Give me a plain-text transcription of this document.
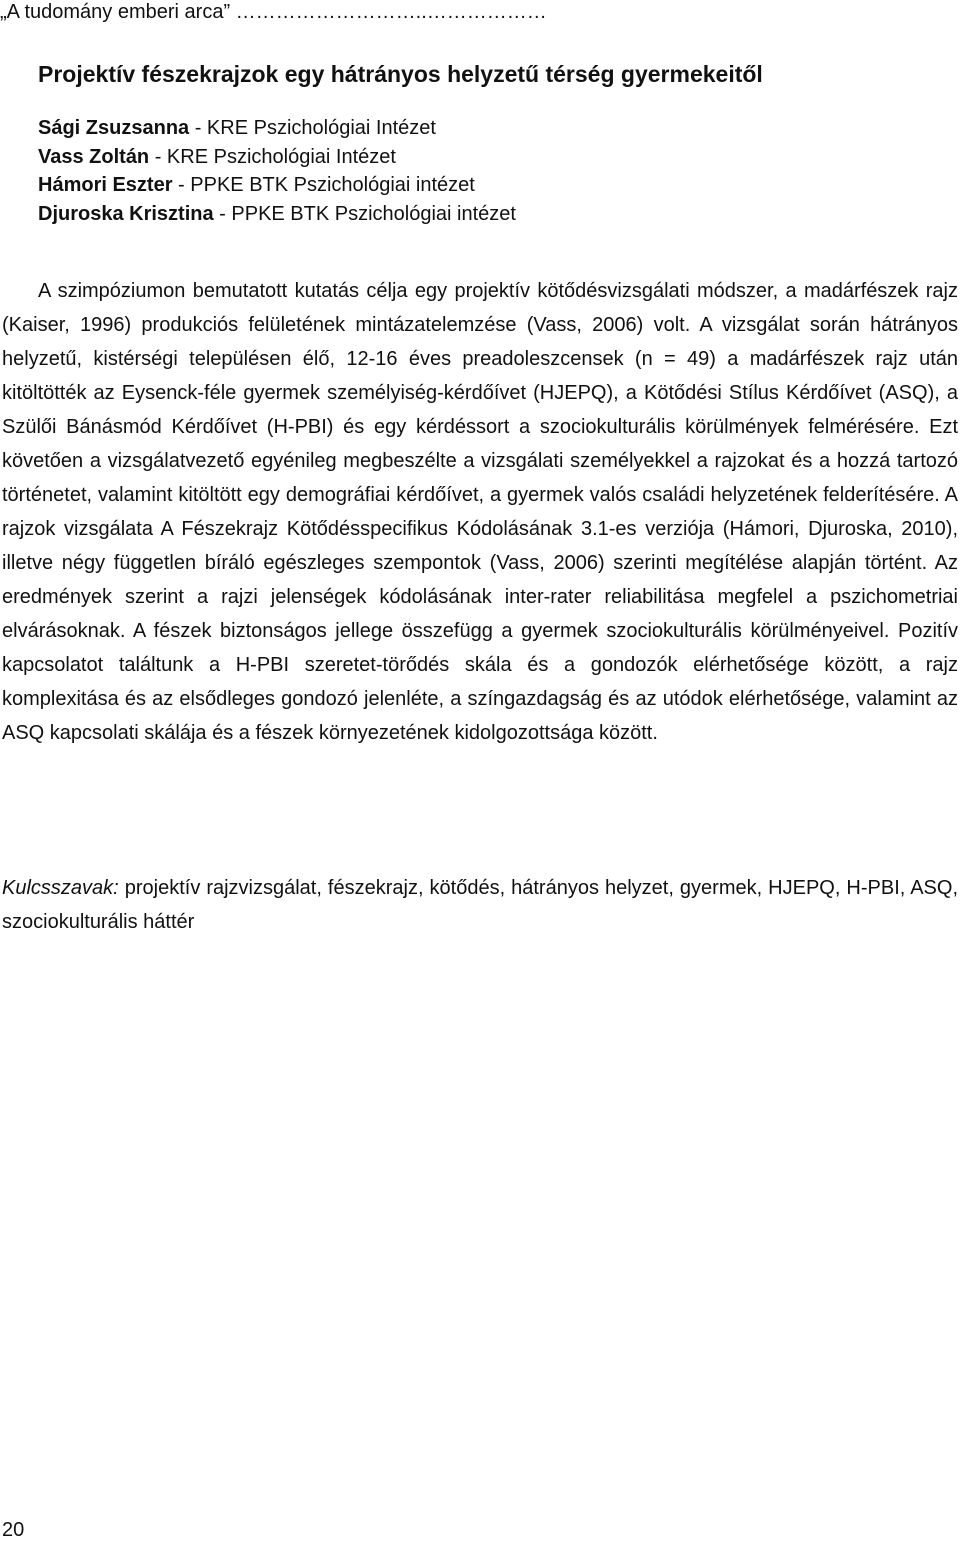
„A tudomány emberi arca” ………………………..………………
Projektív fészekrajzok egy hátrányos helyzetű térség gyermekeitől
Sági Zsuzsanna - KRE Pszichológiai Intézet
Vass Zoltán - KRE Pszichológiai Intézet
Hámori Eszter - PPKE BTK Pszichológiai intézet
Djuroska Krisztina - PPKE BTK Pszichológiai intézet

A szimpóziumon bemutatott kutatás célja egy projektív kötődésvizsgálati módszer, a madárfészek rajz (Kaiser, 1996) produkciós felületének mintázatelemzése (Vass, 2006) volt. A vizsgálat során hátrányos helyzetű, kistérségi településen élő, 12-16 éves preadoleszcensek (n = 49) a madárfészek rajz után kitöltötték az Eysenck-féle gyermek személyiség-kérdőívet (HJEPQ), a Kötődési Stílus Kérdőívet (ASQ), a Szülői Bánásmód Kérdőívet (H-PBI) és egy kérdéssort a szociokulturális körülmények felmérésére. Ezt követően a vizsgálatvezető egyénileg megbeszélte a vizsgálati személyekkel a rajzokat és a hozzá tartozó történetet, valamint kitöltött egy demográfiai kérdőívet, a gyermek valós családi helyzetének felderítésére. A rajzok vizsgálata A Fészekrajz Kötődésspecifikus Kódolásának 3.1-es verziója (Hámori, Djuroska, 2010), illetve négy független bíráló egészleges szempontok (Vass, 2006) szerinti megítélése alapján történt. Az eredmények szerint a rajzi jelenségek kódolásának inter-rater reliabilitása megfelel a pszichometriai elvárásoknak. A fészek biztonságos jellege összefügg a gyermek szociokulturális körülményeivel. Pozitív kapcsolatot találtunk a H-PBI szeretet-törődés skála és a gondozók elérhetősége között, a rajz komplexitása és az elsődleges gondozó jelenléte, a színgazdagság és az utódok elérhetősége, valamint az ASQ kapcsolati skálája és a fészek környezetének kidolgozottsága között.

Kulcsszavak: projektív rajzvizsgálat, fészekrajz, kötődés, hátrányos helyzet, gyermek, HJEPQ, H-PBI, ASQ, szociokulturális háttér

20
